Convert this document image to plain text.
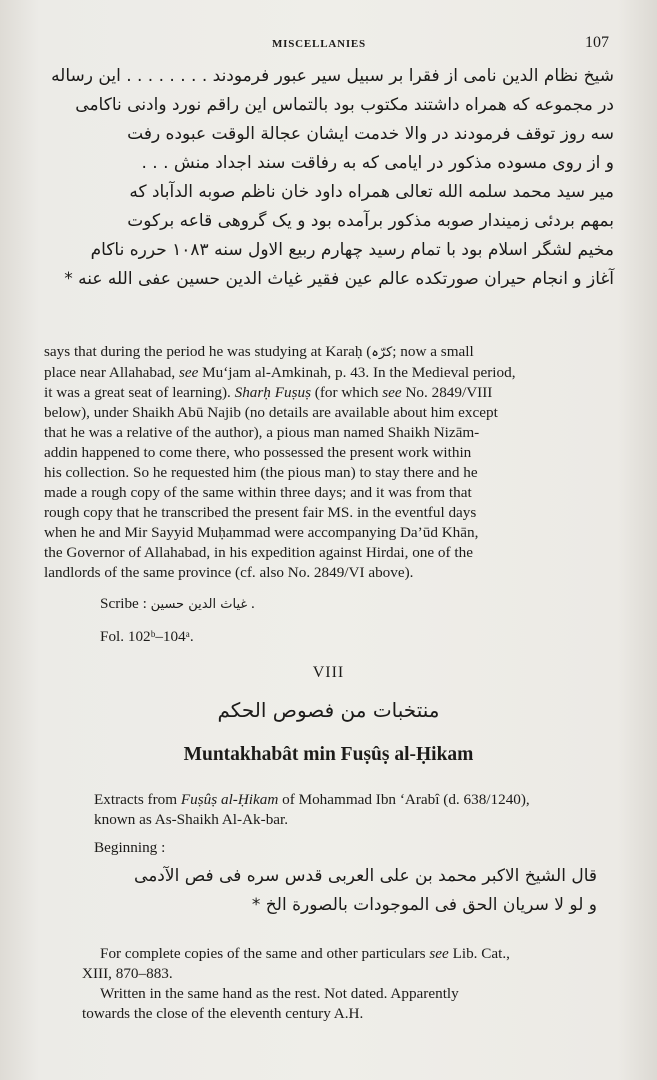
MISCELLANIES	107
شیخ نظام الدین نامی از فقرا بر سبیل سیر عبور فرمودند . . . . . . . . این رساله
در مجموعه که همراه داشتند مکتوب بود بالتماس این راقم نورد وادنی ناکامی
سه روز توقف فرمودند در والا خدمت ایشان عجالة الوقت عبوده رفت
و از روی مسوده مذکور در ایامی که به رفاقت سند اجداد منش . . .
میر سید محمد سلمه الله تعالی همراه داود خان ناظم صوبه الدآباد که
بمهم بردئی زمیندار صوبه مذکور برآمده بود و یک گروهی قاعه برکوت
مخیم لشگر اسلام بود با تمام رسید چهارم ربیع الاول سنه ۱۰۸۳ حرره ناکام
آغاز و انجام حیران صورتکده عالم عین فقیر غیاث الدین حسین عفی الله عنه *
says that during the period he was studying at Karaḥ (کرّہ; now a small
place near Allahabad, see Mu‘jam al-Amkinah, p. 43. In the Medieval period,
it was a great seat of learning). Sharḥ Fuṣuṣ (for which see No. 2849/VIII
below), under Shaikh Abū Najib (no details are available about him except
that he was a relative of the author), a pious man named Shaikh Nizām-
addin happened to come there, who possessed the present work within
his collection. So he requested him (the pious man) to stay there and he
made a rough copy of the same within three days; and it was from that
rough copy that he transcribed the present fair MS. in the eventful days
when he and Mir Sayyid Muḥammad were accompanying Da’ūd Khān,
the Governor of Allahabad, in his expedition against Hirdai, one of the
landlords of the same province (cf. also No. 2849/VI above).
Scribe : غیاث الدین حسین .
Fol. 102ᵇ–104ᵃ.
VIII
منتخبات من فصوص الحکم
Muntakhabât min Fuṣûṣ al-Ḥikam
Extracts from Fuṣûṣ al-Ḥikam of Mohammad Ibn ‘Arabî (d. 638/1240),
known as As-Shaikh Al-Ak-bar.
Beginning :
قال الشیخ الاکبر محمد بن علی العربی قدس سره فی فص الآدمی
و لو لا سریان الحق فی الموجودات بالصورة الخ *
For complete copies of the same and other particulars see Lib. Cat.,
XIII, 870–883.
Written in the same hand as the rest. Not dated. Apparently
towards the close of the eleventh century A.H.
